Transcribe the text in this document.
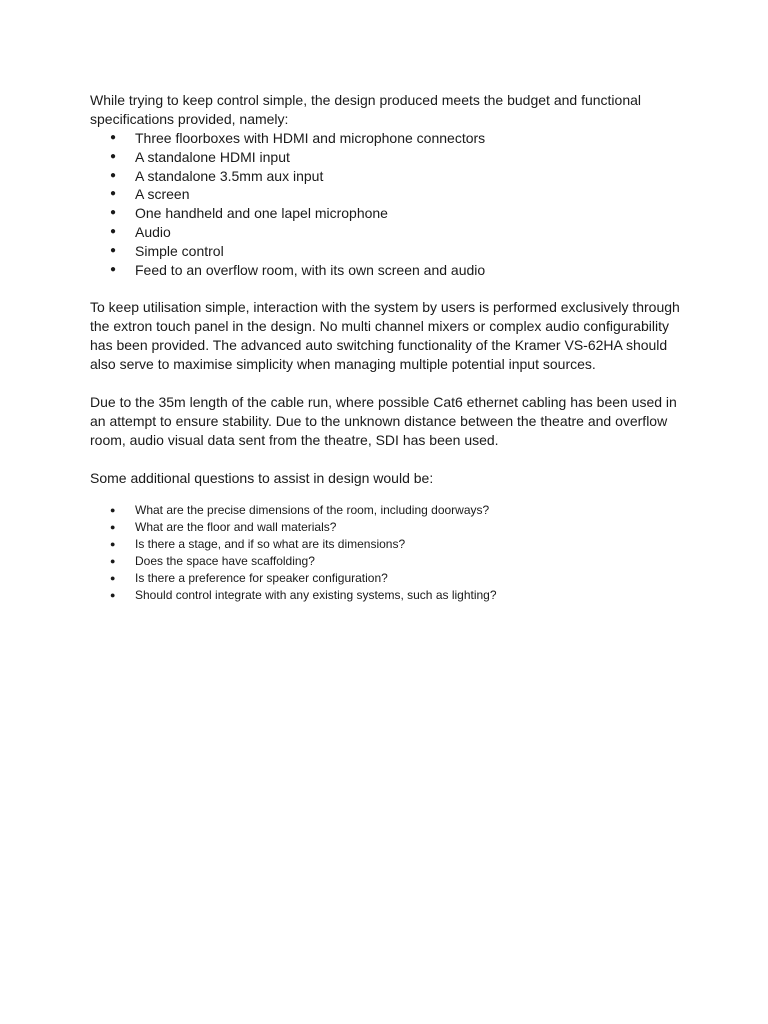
While trying to keep control simple, the design produced meets the budget and functional specifications provided, namely:

● Three floorboxes with HDMI and microphone connectors
● A standalone HDMI input
● A standalone 3.5mm aux input
● A screen
● One handheld and one lapel microphone
● Audio
● Simple control
● Feed to an overflow room, with its own screen and audio

To keep utilisation simple, interaction with the system by users is performed exclusively through the extron touch panel in the design. No multi channel mixers or complex audio configurability has been provided. The advanced auto switching functionality of the Kramer VS-62HA should also serve to maximise simplicity when managing multiple potential input sources.

Due to the 35m length of the cable run, where possible Cat6 ethernet cabling has been used in an attempt to ensure stability. Due to the unknown distance between the theatre and overflow room, audio visual data sent from the theatre, SDI has been used.

Some additional questions to assist in design would be:

● What are the precise dimensions of the room, including doorways?
● What are the floor and wall materials?
● Is there a stage, and if so what are its dimensions?
● Does the space have scaffolding?
● Is there a preference for speaker configuration?
● Should control integrate with any existing systems, such as lighting?
